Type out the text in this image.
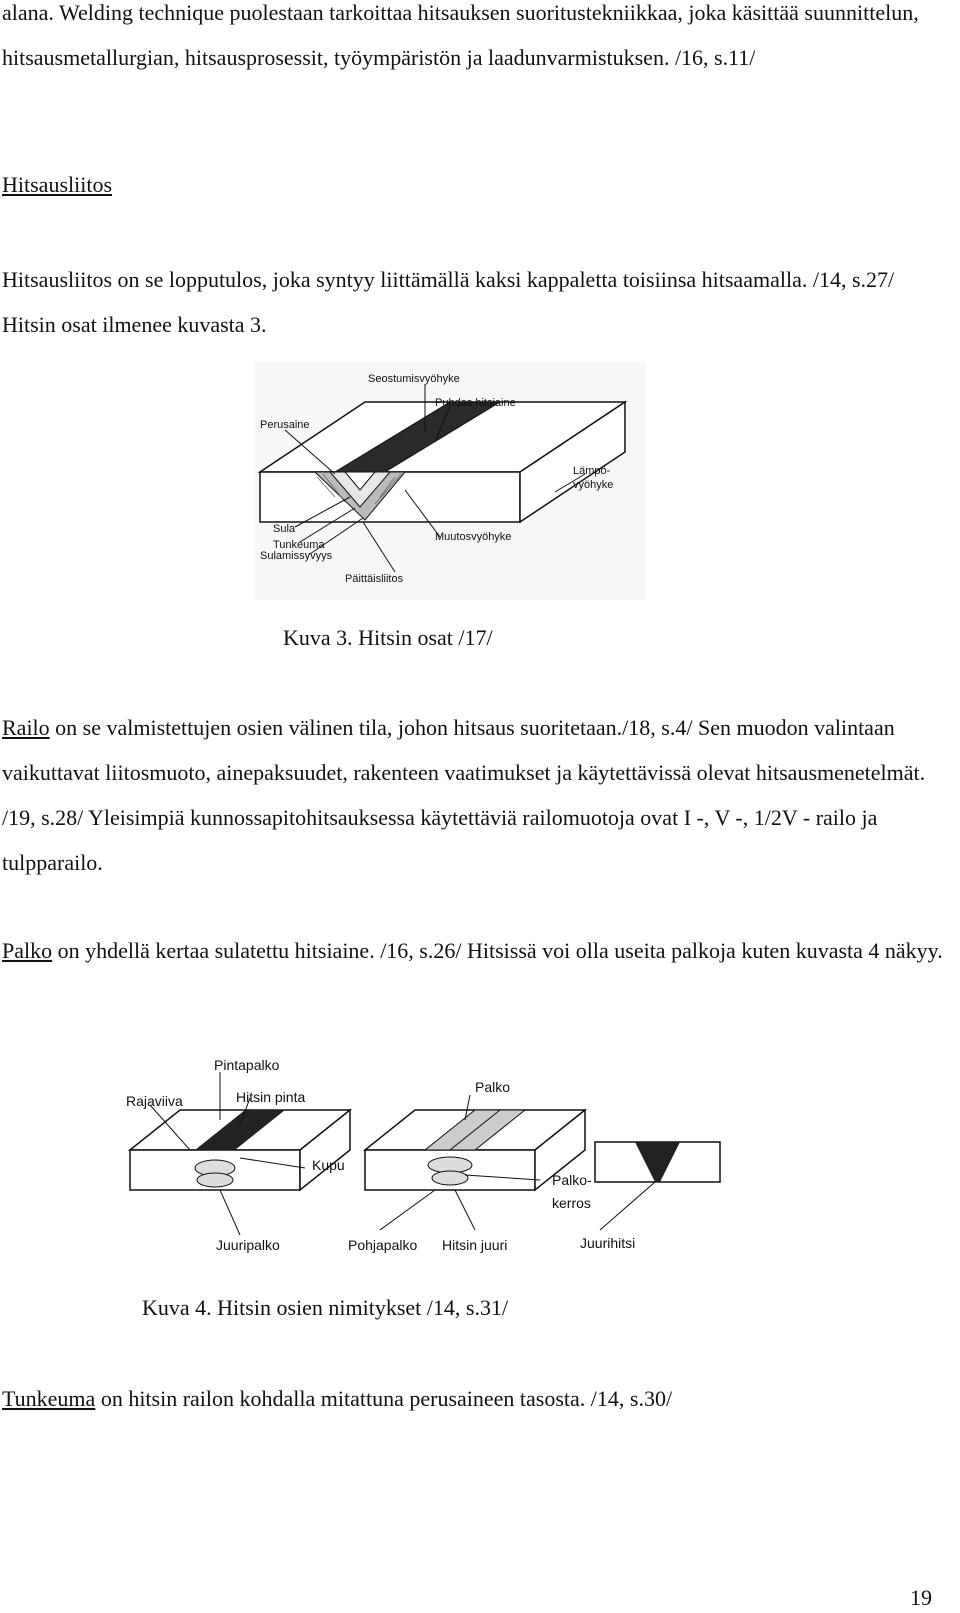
alana. Welding technique puolestaan tarkoittaa hitsauksen suoritustekniikkaa, joka käsittää suunnittelun, hitsausmetallurgian, hitsausprosessit, työympäristön ja laadunvarmistuksen. /16, s.11/

Hitsausliitos

Hitsausliitos on se lopputulos, joka syntyy liittämällä kaksi kappaletta toisiinsa hitsaamalla. /14, s.27/ Hitsin osat ilmenee kuvasta 3.

Seostumisvyöhyke
Puhdas hitsiaine
Perusaine
Lämpö-
vyöhyke
Sula
Tunkeuma
Sulamissyvyys
Muutosvyöhyke
Päittäisliitos

Kuva 3. Hitsin osat /17/

Railo on se valmistettujen osien välinen tila, johon hitsaus suoritetaan./18, s.4/ Sen muodon valintaan vaikuttavat liitosmuoto, ainepaksuudet, rakenteen vaatimukset ja käytettävissä olevat hitsausmenetelmät. /19, s.28/ Yleisimpiä kunnossapitohitsauksessa käytettäviä railomuotoja ovat I -, V -, 1/2V - railo ja tulpparailo.

Palko on yhdellä kertaa sulatettu hitsiaine. /16, s.26/ Hitsissä voi olla useita palkoja kuten kuvasta 4 näkyy.

Pintapalko
Rajaviiva	Hitsin pinta
Kupu
Juuripalko
Palko
Palko-
kerros
Pohjapalko Hitsin juuri	Juurihitsi

Kuva 4. Hitsin osien nimitykset /14, s.31/

Tunkeuma on hitsin railon kohdalla mitattuna perusaineen tasosta. /14, s.30/

19
